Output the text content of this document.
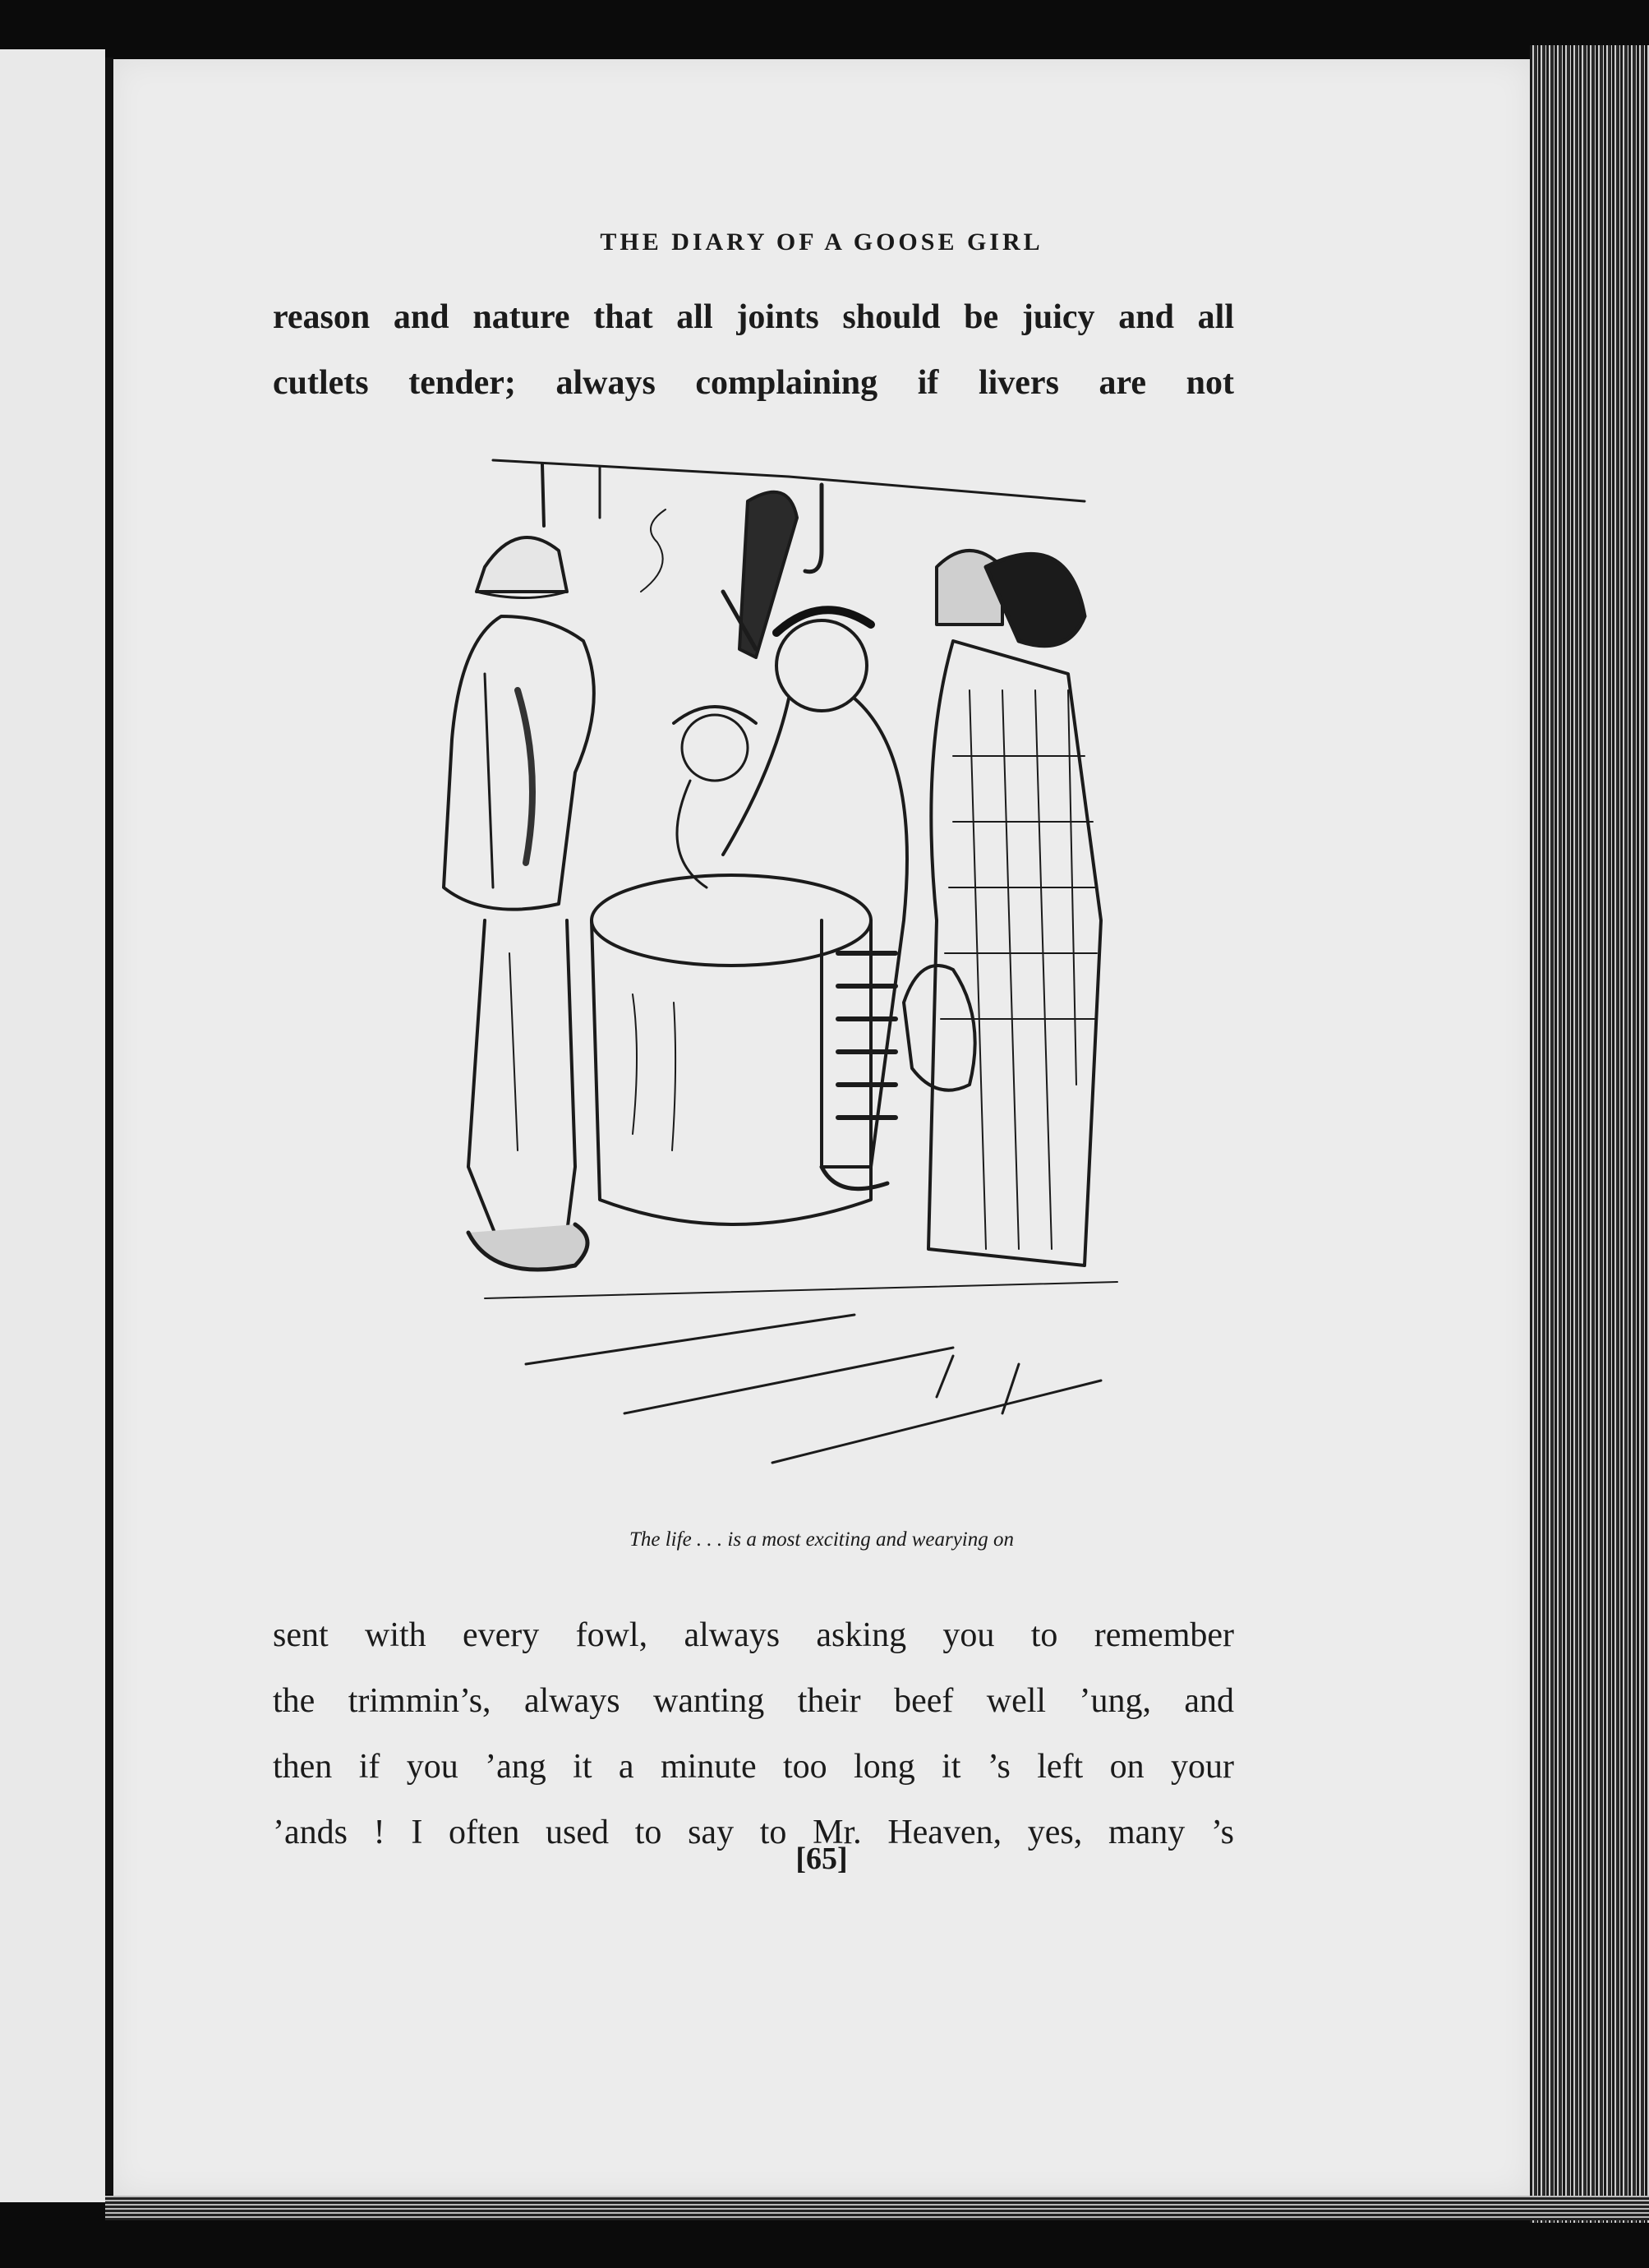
THE DIARY OF A GOOSE GIRL

reason and nature that all joints should be juicy and all
cutlets tender; always complaining if livers are not

The life . . . is a most exciting and wearying on

sent with every fowl, always asking you to remember
the trimmin’s, always wanting their beef well ’ung, and
then if you ’ang it a minute too long it ’s left on your
’ands ! I often used to say to Mr. Heaven, yes, many ’s

[65]
